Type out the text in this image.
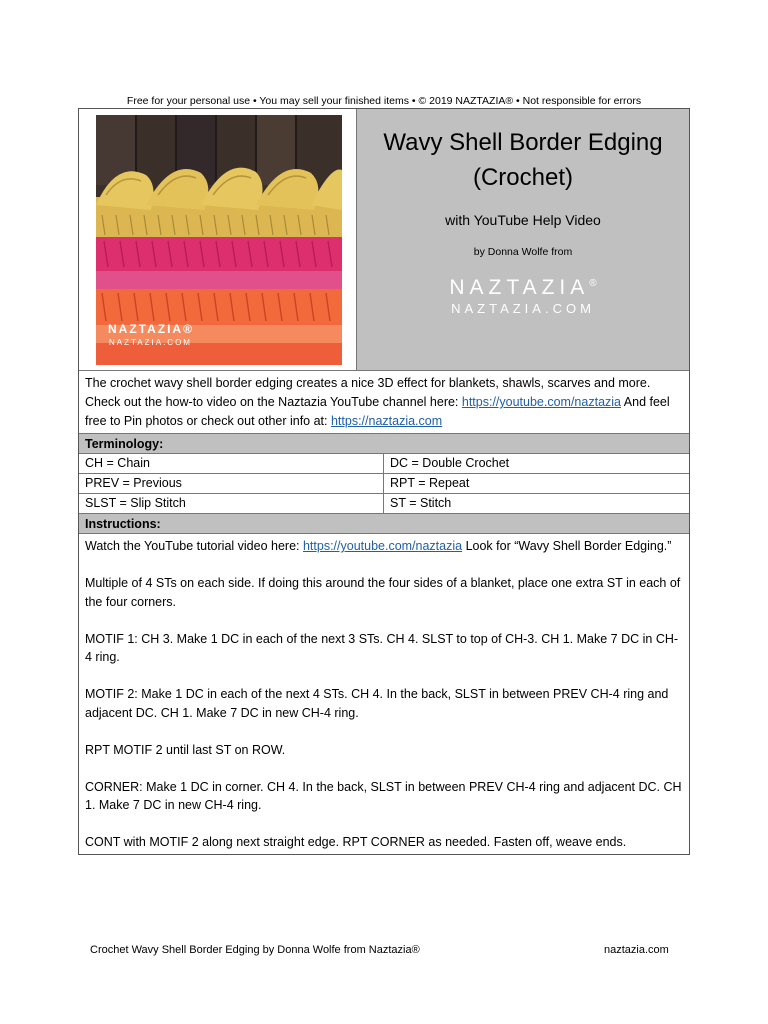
Free for your personal use • You may sell your finished items • © 2019 NAZTAZIA® • Not responsible for errors
NAZTAZIA®
NAZTAZIA.COM
Wavy Shell Border Edging
(Crochet)
with YouTube Help Video
by Donna Wolfe from
NAZTAZIA®
NAZTAZIA.COM
The crochet wavy shell border edging creates a nice 3D effect for blankets, shawls, scarves and more. Check out the how-to video on the Naztazia YouTube channel here: https://youtube.com/naztazia And feel free to Pin photos or check out other info at: https://naztazia.com
Terminology:
CH = Chain	DC = Double Crochet
PREV = Previous	RPT = Repeat
SLST = Slip Stitch	ST = Stitch
Instructions:

Watch the YouTube tutorial video here: https://youtube.com/naztazia Look for “Wavy Shell Border Edging.”

Multiple of 4 STs on each side. If doing this around the four sides of a blanket, place one extra ST in each of the four corners.

MOTIF 1: CH 3. Make 1 DC in each of the next 3 STs. CH 4. SLST to top of CH-3. CH 1. Make 7 DC in CH-4 ring.

MOTIF 2: Make 1 DC in each of the next 4 STs. CH 4. In the back, SLST in between PREV CH-4 ring and adjacent DC. CH 1. Make 7 DC in new CH-4 ring.

RPT MOTIF 2 until last ST on ROW.

CORNER: Make 1 DC in corner. CH 4. In the back, SLST in between PREV CH-4 ring and adjacent DC. CH 1. Make 7 DC in new CH-4 ring.

CONT with MOTIF 2 along next straight edge. RPT CORNER as needed. Fasten off, weave ends.

Crochet Wavy Shell Border Edging by Donna Wolfe from Naztazia®	naztazia.com
